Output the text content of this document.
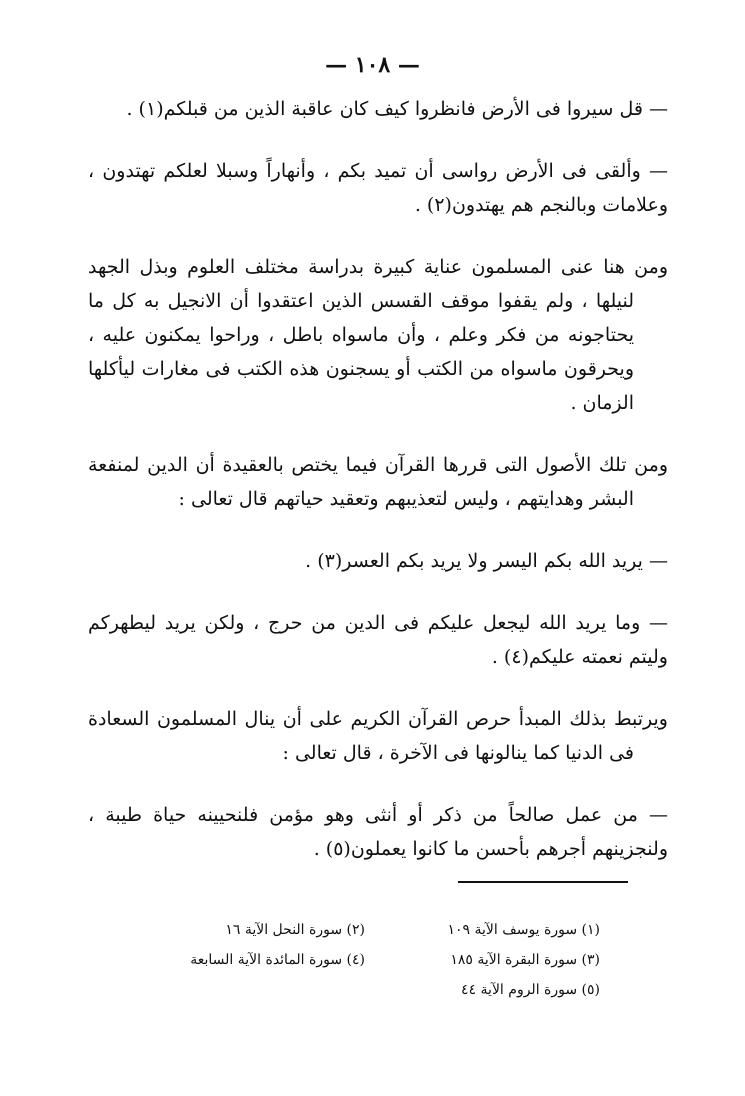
— ١٠٨ —

— قل سيروا فى الأرض فانظروا كيف كان عاقبة الذين من قبلكم(١) .

— وألقى فى الأرض رواسى أن تميد بكم ، وأنهاراً وسبلا لعلكم تهتدون ، وعلامات وبالنجم هم يهتدون(٢) .

ومن هنا عنى المسلمون عناية كبيرة بدراسة مختلف العلوم وبذل الجهد لنيلها ، ولم يقفوا موقف القسس الذين اعتقدوا أن الانجيل به كل ما يحتاجونه من فكر وعلم ، وأن ماسواه باطل ، وراحوا يمكنون عليه ، ويحرقون ماسواه من الكتب أو يسجنون هذه الكتب فى مغارات ليأكلها الزمان .

ومن تلك الأصول التى قررها القرآن فيما يختص بالعقيدة أن الدين لمنفعة البشر وهدايتهم ، وليس لتعذيبهم وتعقيد حياتهم قال تعالى :

— يريد الله بكم اليسر ولا يريد بكم العسر(٣) .

— وما يريد الله ليجعل عليكم فى الدين من حرج ، ولكن يريد ليطهركم وليتم نعمته عليكم(٤) .

ويرتبط بذلك المبدأ حرص القرآن الكريم على أن ينال المسلمون السعادة فى الدنيا كما ينالونها فى الآخرة ، قال تعالى :

— من عمل صالحاً من ذكر أو أنثى وهو مؤمن فلنحيينه حياة طيبة ، ولنجزينهم أجرهم بأحسن ما كانوا يعملون(٥) .

(١) سورة يوسف الآية ١٠٩
(٢) سورة النحل الآية ١٦
(٣) سورة البقرة الآية ١٨٥
(٤) سورة المائدة الآية السابعة
(٥) سورة الروم الآية ٤٤
